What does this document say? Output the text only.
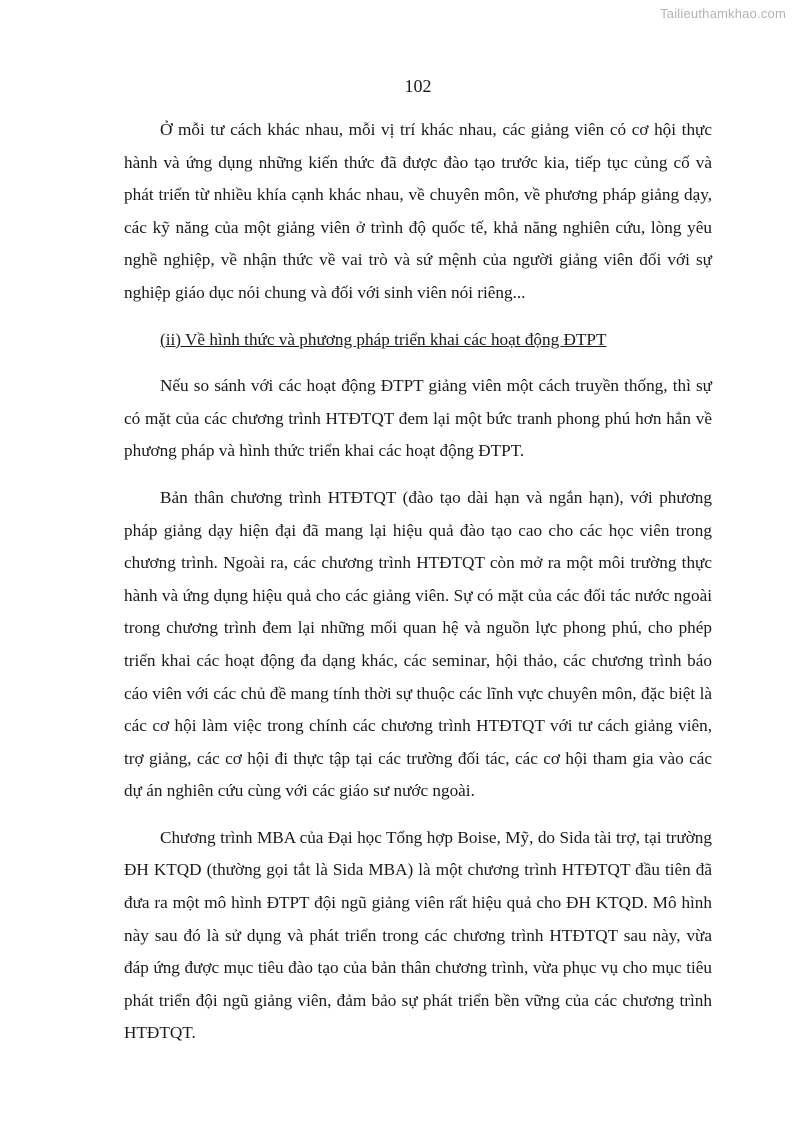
Tailieuthamkhao.com
102

Ở mỗi tư cách khác nhau, mỗi vị trí khác nhau, các giảng viên có cơ hội thực hành và ứng dụng những kiến thức đã được đào tạo trước kia, tiếp tục củng cố và phát triển từ nhiều khía cạnh khác nhau, về chuyên môn, về phương pháp giảng dạy, các kỹ năng của một giảng viên ở trình độ quốc tế, khả năng nghiên cứu, lòng yêu nghề nghiệp, về nhận thức về vai trò và sứ mệnh của người giảng viên đối với sự nghiệp giáo dục nói chung và đối với sinh viên nói riêng...

(ii) Về hình thức và phương pháp triển khai các hoạt động ĐTPT

Nếu so sánh với các hoạt động ĐTPT giảng viên một cách truyền thống, thì sự có mặt của các chương trình HTĐTQT đem lại một bức tranh phong phú hơn hẳn về phương pháp và hình thức triển khai các hoạt động ĐTPT.

Bản thân chương trình HTĐTQT (đào tạo dài hạn và ngắn hạn), với phương pháp giảng dạy hiện đại đã mang lại hiệu quả đào tạo cao cho các học viên trong chương trình. Ngoài ra, các chương trình HTĐTQT còn mở ra một môi trường thực hành và ứng dụng hiệu quả cho các giảng viên. Sự có mặt của các đối tác nước ngoài trong chương trình đem lại những mối quan hệ và nguồn lực phong phú, cho phép triển khai các hoạt động đa dạng khác, các seminar, hội thảo, các chương trình báo cáo viên với các chủ đề mang tính thời sự thuộc các lĩnh vực chuyên môn, đặc biệt là các cơ hội làm việc trong chính các chương trình HTĐTQT với tư cách giảng viên, trợ giảng, các cơ hội đi thực tập tại các trường đối tác, các cơ hội tham gia vào các dự án nghiên cứu cùng với các giáo sư nước ngoài.

Chương trình MBA của Đại học Tổng hợp Boise, Mỹ, do Sida tài trợ, tại trường ĐH KTQD (thường gọi tắt là Sida MBA) là một chương trình HTĐTQT đầu tiên đã đưa ra một mô hình ĐTPT đội ngũ giảng viên rất hiệu quả cho ĐH KTQD. Mô hình này sau đó là sử dụng và phát triển trong các chương trình HTĐTQT sau này, vừa đáp ứng được mục tiêu đào tạo của bản thân chương trình, vừa phục vụ cho mục tiêu phát triển đội ngũ giảng viên, đảm bảo sự phát triển bền vững của các chương trình HTĐTQT.
